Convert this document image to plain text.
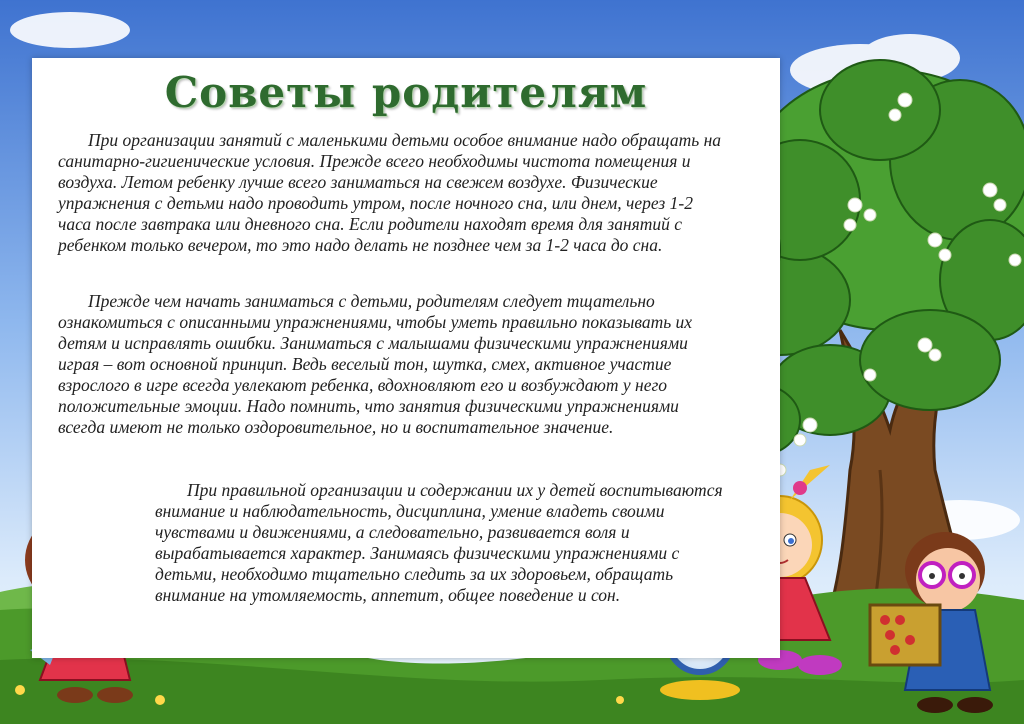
Советы родителям

При организации занятий с маленькими детьми особое внимание надо обращать на санитарно-гигиенические условия. Прежде всего необходимы чистота помещения и воздуха. Летом ребенку лучше всего заниматься на свежем воздухе. Физические упражнения с детьми надо проводить утром, после ночного сна, или днем, через 1-2 часа после завтрака или дневного сна. Если родители находят время для занятий с ребенком только вечером, то это надо делать не позднее чем за 1-2 часа до сна.

Прежде чем начать заниматься с детьми, родителям следует тщательно ознакомиться с описанными упражнениями, чтобы уметь правильно показывать их детям и исправлять ошибки. Заниматься с малышами физическими упражнениями играя – вот основной принцип. Ведь веселый тон, шутка, смех, активное участие взрослого в игре всегда увлекают ребенка, вдохновляют его и возбуждают у него положительные эмоции. Надо помнить, что занятия физическими упражнениями всегда имеют не только оздоровительное, но и воспитательное значение.

При правильной организации и содержании их у детей воспитываются внимание и наблюдательность, дисциплина, умение владеть своими чувствами и движениями, а следовательно, развивается воля и вырабатывается характер. Занимаясь физическими упражнениями с детьми, необходимо тщательно следить за их здоровьем, обращать внимание на утомляемость, аппетит, общее поведение и сон.
